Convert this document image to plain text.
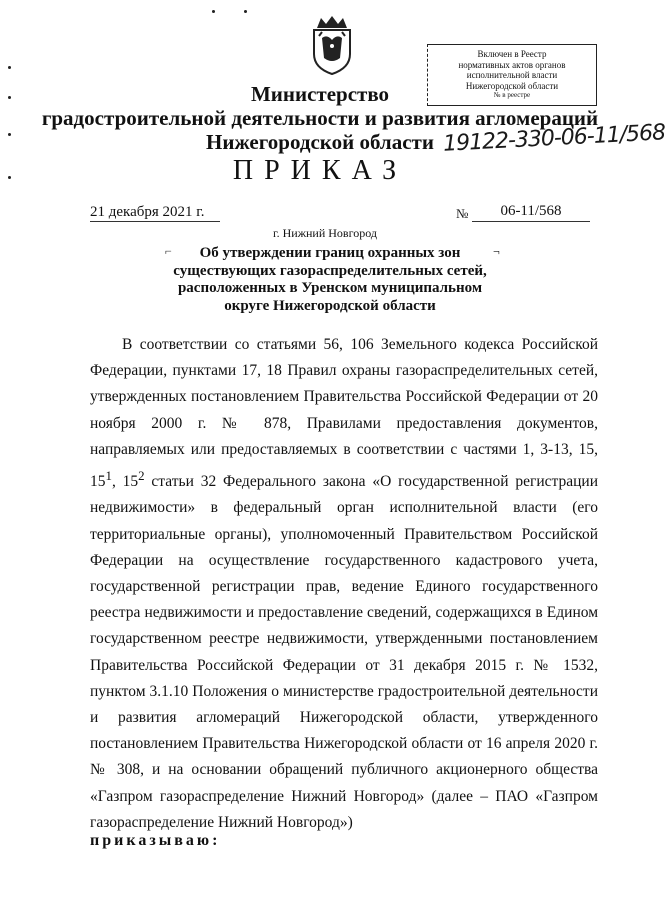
Включен в Реестр
нормативных актов органов
исполнительной власти
Нижегородской области
№ в реестре
Министерство
градостроительной деятельности и развития агломераций
Нижегородской области 19122-330-06-11/568
ПРИКАЗ
21 декабря 2021 г.	№	06-11/568
г. Нижний Новгород
⌐	¬
Об утверждении границ охранных зон
существующих газораспределительных сетей,
расположенных в Уренском муниципальном
округе Нижегородской области

В соответствии со статьями 56, 106 Земельного кодекса Российской Федерации, пунктами 17, 18 Правил охраны газораспределительных сетей, утвержденных постановлением Правительства Российской Федерации от 20 ноября 2000 г. № 878, Правилами предоставления документов, направляемых или предоставляемых в соответствии с частями 1, 3-13, 15, $15^1$, $15^2$ статьи 32 Федерального закона «О государственной регистрации недвижимости» в федеральный орган исполнительной власти (его территориальные органы), уполномоченный Правительством Российской Федерации на осуществление государственного кадастрового учета, государственной регистрации прав, ведение Единого государственного реестра недвижимости и предоставление сведений, содержащихся в Едином государственном реестре недвижимости, утвержденными постановлением Правительства Российской Федерации от 31 декабря 2015 г. № 1532, пунктом 3.1.10 Положения о министерстве градостроительной деятельности и развития агломераций Нижегородской области, утвержденного постановлением Правительства Нижегородской области от 16 апреля 2020 г. № 308, и на основании обращений публичного акционерного общества «Газпром газораспределение Нижний Новгород» (далее – ПАО «Газпром газораспределение Нижний Новгород»)

приказываю:
